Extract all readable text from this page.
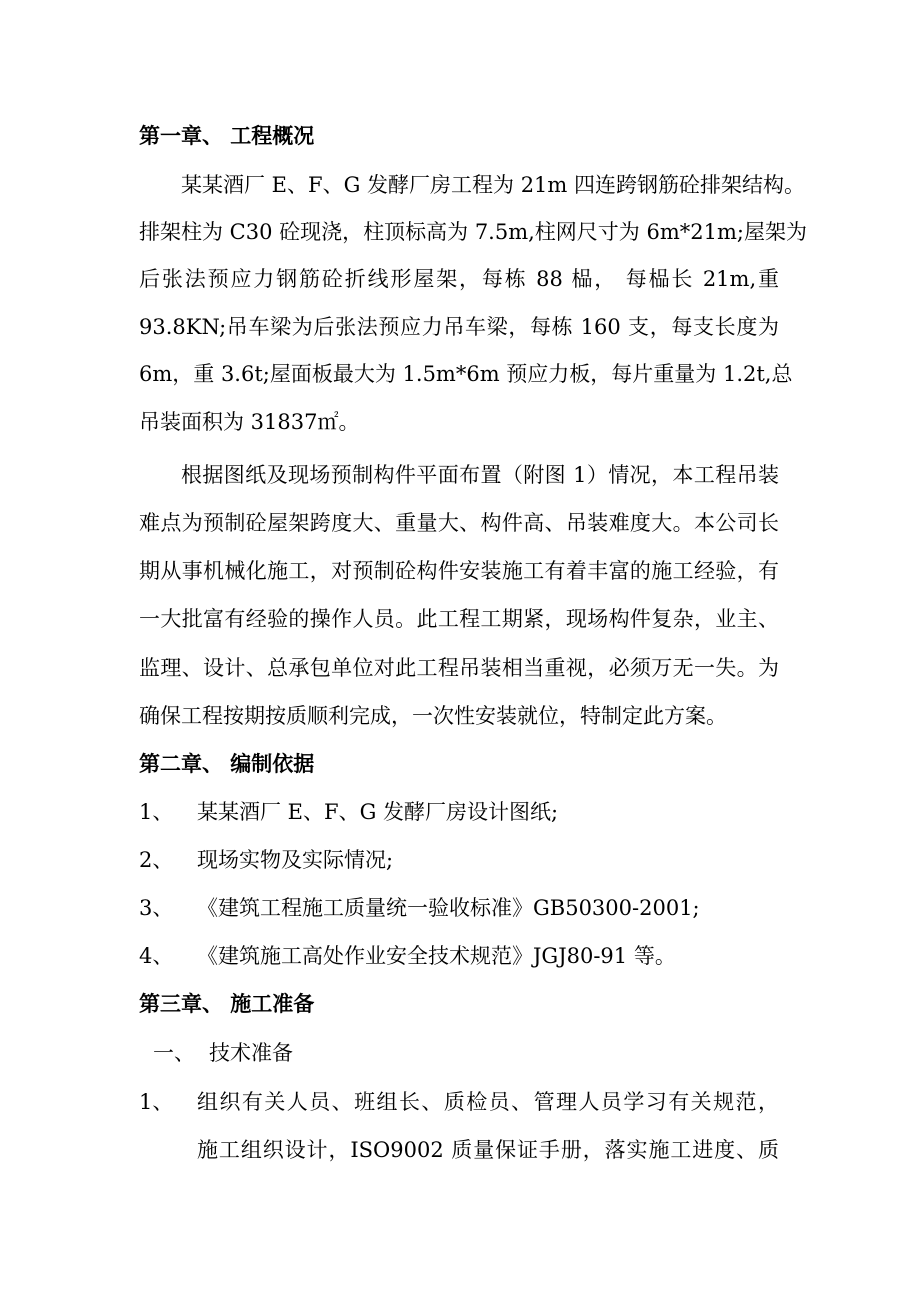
第一章、 工程概况
某某酒厂 E、F、G 发酵厂房工程为 21m 四连跨钢筋砼排架结构。
排架柱为 C30 砼现浇，柱顶标高为 7.5m,柱网尺寸为 6m*21m;屋架为
后张法预应力钢筋砼折线形屋架，每栋 88 榀， 每榀长 21m,重
93.8KN;吊车梁为后张法预应力吊车梁，每栋 160 支，每支长度为
6m，重 3.6t;屋面板最大为 1.5m*6m 预应力板，每片重量为 1.2t,总
吊装面积为 31837㎡。
根据图纸及现场预制构件平面布置（附图 1）情况，本工程吊装
难点为预制砼屋架跨度大、重量大、构件高、吊装难度大。本公司长
期从事机械化施工，对预制砼构件安装施工有着丰富的施工经验，有
一大批富有经验的操作人员。此工程工期紧，现场构件复杂，业主、
监理、设计、总承包单位对此工程吊装相当重视，必须万无一失。为
确保工程按期按质顺利完成，一次性安装就位，特制定此方案。
第二章、 编制依据
1、 某某酒厂 E、F、G 发酵厂房设计图纸;
2、 现场实物及实际情况;
3、 《建筑工程施工质量统一验收标准》GB50300-2001;
4、 《建筑施工高处作业安全技术规范》JGJ80-91 等。
第三章、 施工准备
一、 技术准备
1、 组织有关人员、班组长、质检员、管理人员学习有关规范，
施工组织设计，ISO9002 质量保证手册，落实施工进度、质
